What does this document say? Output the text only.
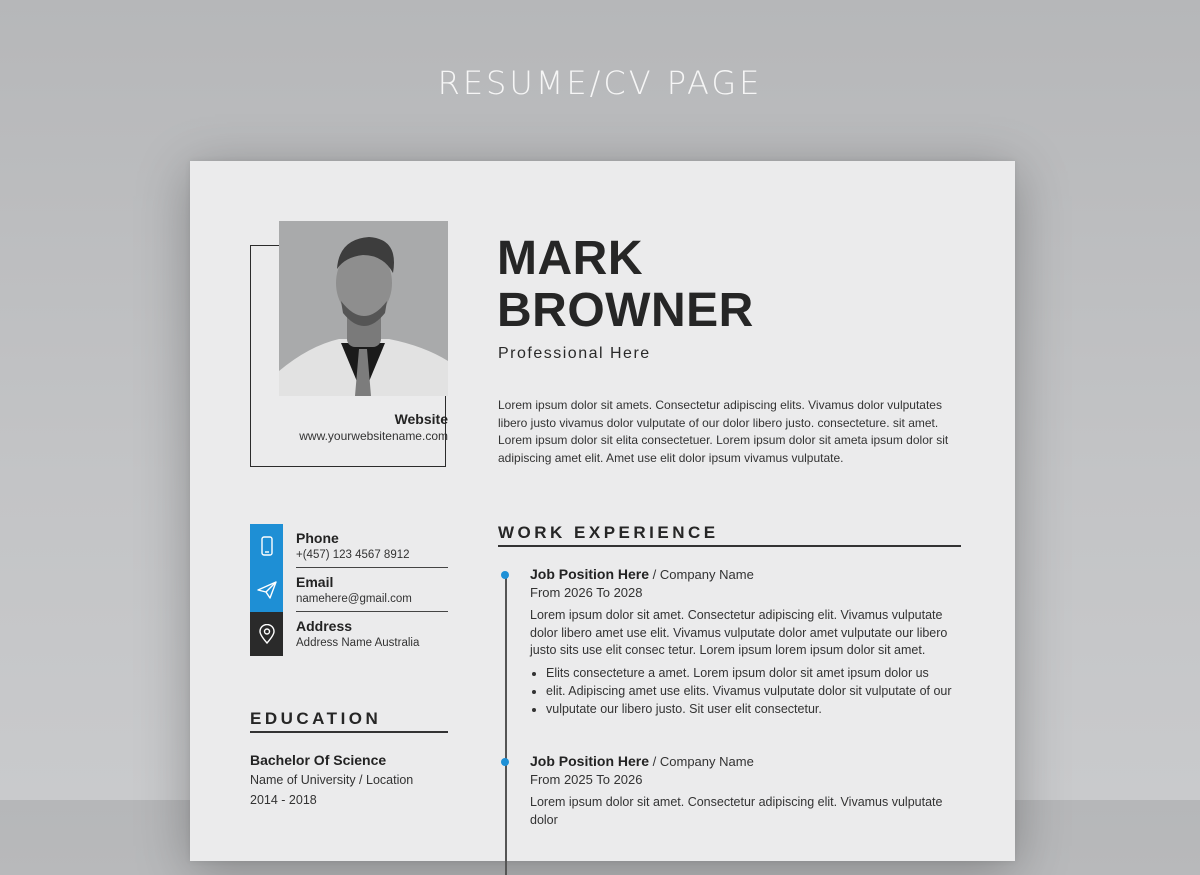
RESUME/CV PAGE
Website
www.yourwebsitename.com
MARK
BROWNER
Professional Here
Lorem ipsum dolor sit amets. Consectetur adipiscing elits. Vivamus dolor vulputates libero justo vivamus dolor vulputate of our dolor libero justo. consecteture. sit amet. Lorem ipsum dolor sit elita consectetuer. Lorem ipsum dolor sit ameta ipsum dolor sit adipiscing amet elit. Amet use elit dolor ipsum vivamus vulputate.
Phone
+(457) 123 4567 8912
Email
namehere@gmail.com
Address
Address Name Australia
EDUCATION
Bachelor Of Science
Name of University / Location
2014 - 2018
WORK EXPERIENCE
Job Position Here / Company Name
From 2026 To 2028
Lorem ipsum dolor sit amet. Consectetur adipiscing elit. Vivamus vulputate dolor libero amet use elit. Vivamus vulputate dolor amet vulputate our libero justo sits use elit consec tetur. Lorem ipsum lorem ipsum dolor sit amet.
• Elits consecteture a amet. Lorem ipsum dolor sit amet ipsum dolor us
• elit. Adipiscing amet use elits. Vivamus vulputate dolor sit vulputate of our
• vulputate our libero justo. Sit user elit consectetur.
Job Position Here / Company Name
From 2025 To 2026
Lorem ipsum dolor sit amet. Consectetur adipiscing elit. Vivamus vulputate dolor
